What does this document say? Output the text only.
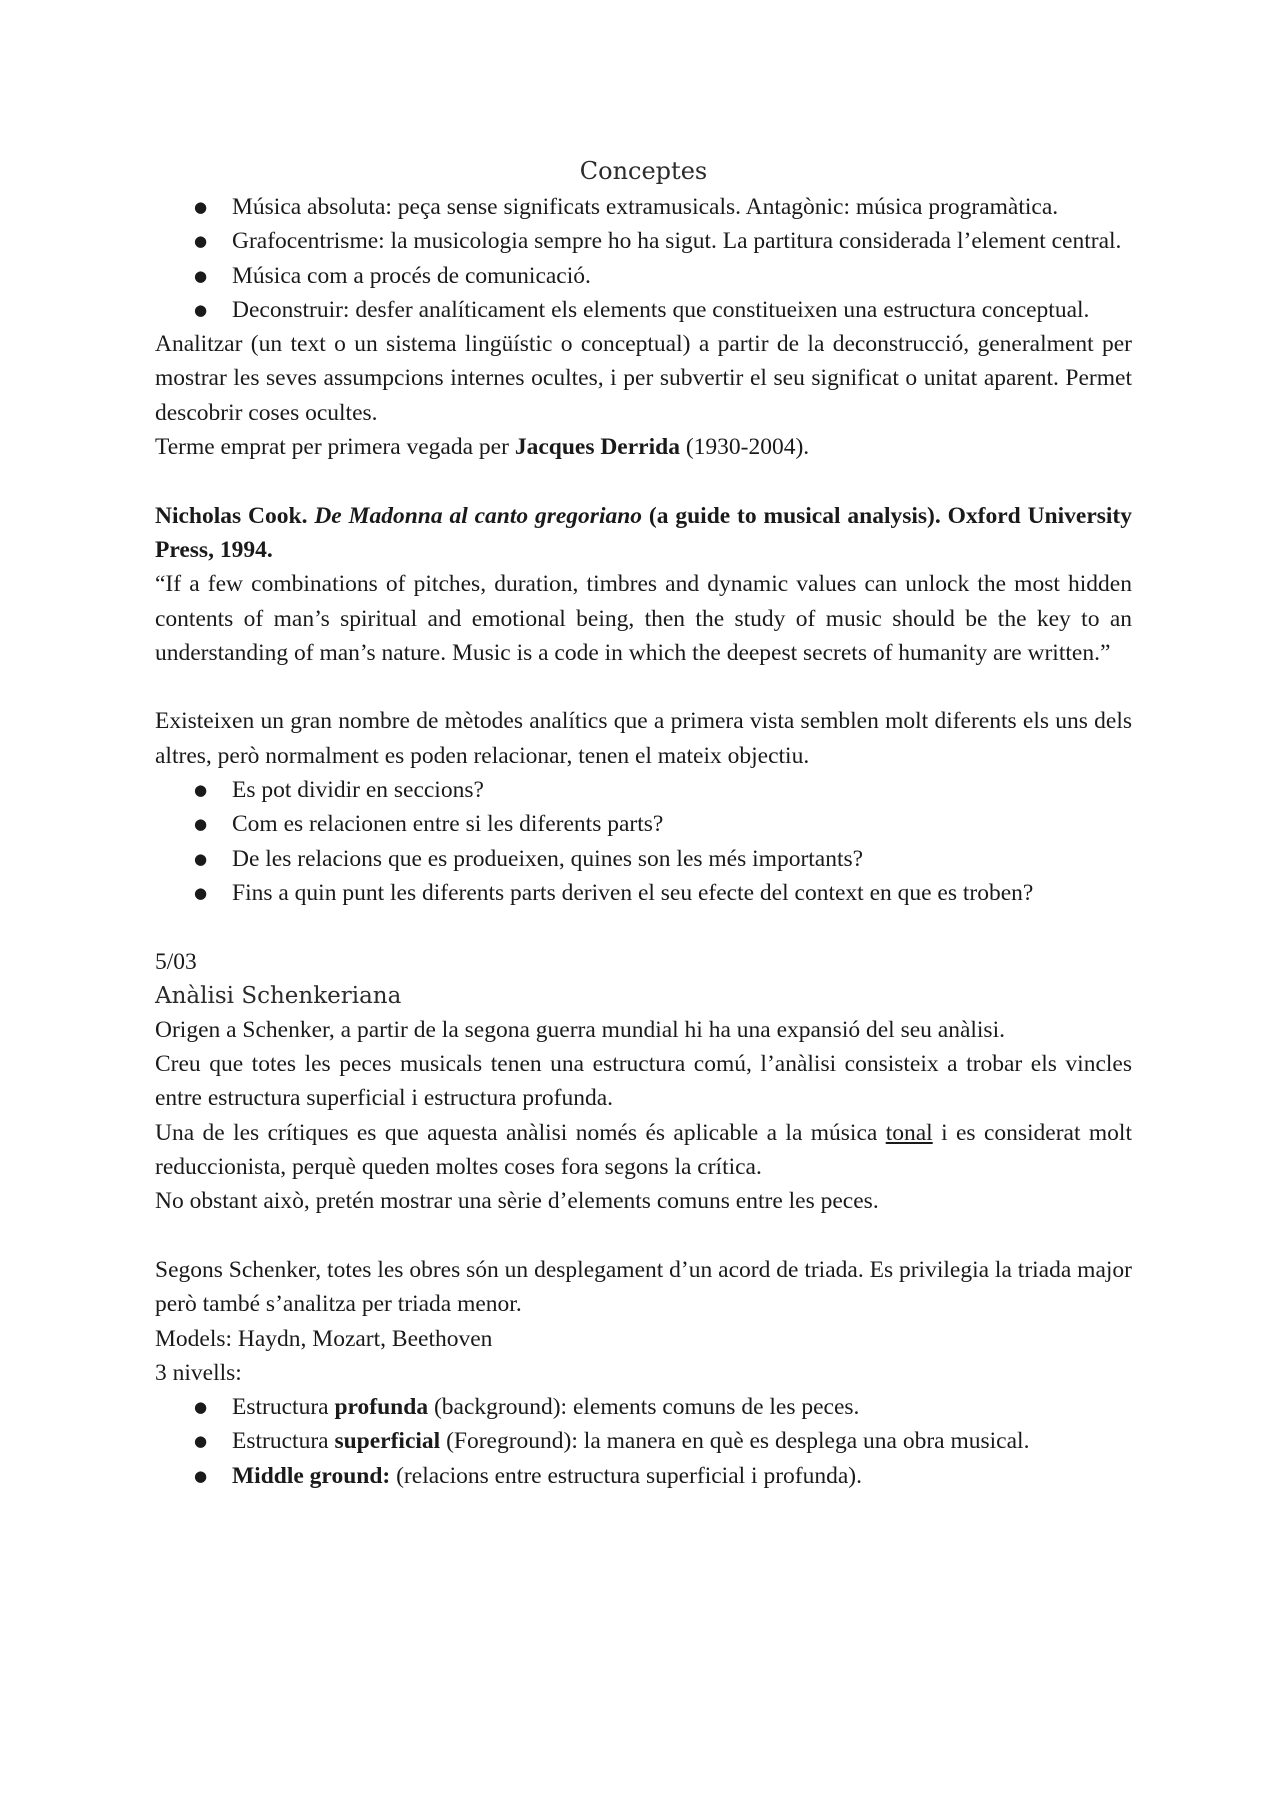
Conceptes
● Música absoluta: peça sense significats extramusicals. Antagònic: música programàtica.
● Grafocentrisme: la musicologia sempre ho ha sigut. La partitura considerada l’element central.
● Música com a procés de comunicació.
● Deconstruir: desfer analíticament els elements que constitueixen una estructura conceptual.

Analitzar (un text o un sistema lingüístic o conceptual) a partir de la deconstrucció, generalment per mostrar les seves assumpcions internes ocultes, i per subvertir el seu significat o unitat aparent. Permet descobrir coses ocultes.

Terme emprat per primera vegada per Jacques Derrida (1930-2004).

Nicholas Cook. De Madonna al canto gregoriano (a guide to musical analysis). Oxford University Press, 1994.

“If a few combinations of pitches, duration, timbres and dynamic values can unlock the most hidden contents of man’s spiritual and emotional being, then the study of music should be the key to an understanding of man’s nature. Music is a code in which the deepest secrets of humanity are written.”

Existeixen un gran nombre de mètodes analítics que a primera vista semblen molt diferents els uns dels altres, però normalment es poden relacionar, tenen el mateix objectiu.

● Es pot dividir en seccions?
● Com es relacionen entre si les diferents parts?
● De les relacions que es produeixen, quines son les més importants?
● Fins a quin punt les diferents parts deriven el seu efecte del context en que es troben?

5/03

Anàlisi Schenkeriana

Origen a Schenker, a partir de la segona guerra mundial hi ha una expansió del seu anàlisi.

Creu que totes les peces musicals tenen una estructura comú, l’anàlisi consisteix a trobar els vincles entre estructura superficial i estructura profunda.

Una de les crítiques es que aquesta anàlisi només és aplicable a la música tonal i es considerat molt reduccionista, perquè queden moltes coses fora segons la crítica.

No obstant això, pretén mostrar una sèrie d’elements comuns entre les peces.

Segons Schenker, totes les obres són un desplegament d’un acord de triada. Es privilegia la triada major però també s’analitza per triada menor.

Models: Haydn, Mozart, Beethoven

3 nivells:

● Estructura profunda (background): elements comuns de les peces.
● Estructura superficial (Foreground): la manera en què es desplega una obra musical.
● Middle ground: (relacions entre estructura superficial i profunda).
